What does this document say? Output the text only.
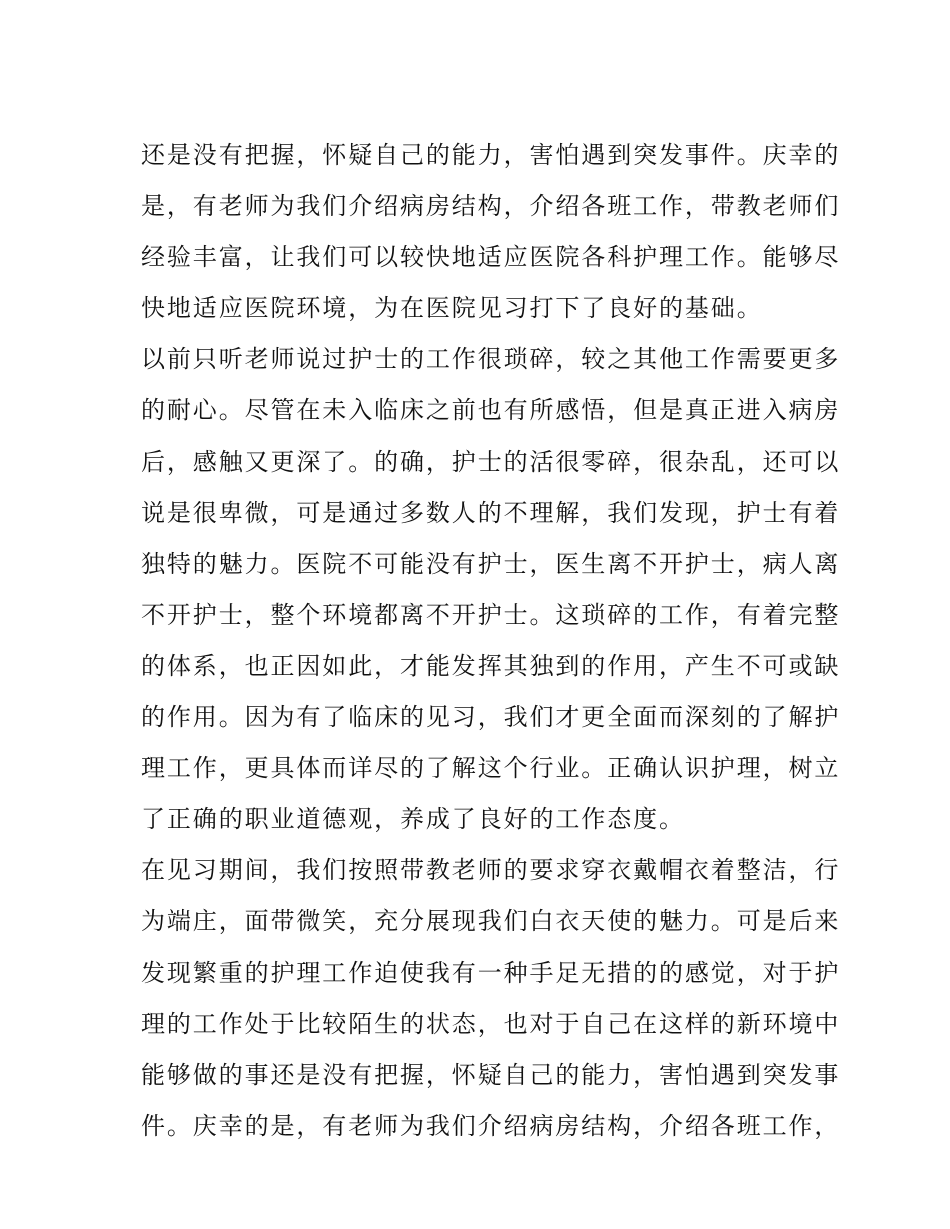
还是没有把握，怀疑自己的能力，害怕遇到突发事件。庆幸的
是，有老师为我们介绍病房结构，介绍各班工作，带教老师们
经验丰富，让我们可以较快地适应医院各科护理工作。能够尽
快地适应医院环境，为在医院见习打下了良好的基础。
以前只听老师说过护士的工作很琐碎，较之其他工作需要更多
的耐心。尽管在未入临床之前也有所感悟，但是真正进入病房
后，感触又更深了。的确，护士的活很零碎，很杂乱，还可以
说是很卑微，可是通过多数人的不理解，我们发现，护士有着
独特的魅力。医院不可能没有护士，医生离不开护士，病人离
不开护士，整个环境都离不开护士。这琐碎的工作，有着完整
的体系，也正因如此，才能发挥其独到的作用，产生不可或缺
的作用。因为有了临床的见习，我们才更全面而深刻的了解护
理工作，更具体而详尽的了解这个行业。正确认识护理，树立
了正确的职业道德观，养成了良好的工作态度。
在见习期间，我们按照带教老师的要求穿衣戴帽衣着整洁，行
为端庄，面带微笑，充分展现我们白衣天使的魅力。可是后来
发现繁重的护理工作迫使我有一种手足无措的的感觉，对于护
理的工作处于比较陌生的状态，也对于自己在这样的新环境中
能够做的事还是没有把握，怀疑自己的能力，害怕遇到突发事
件。庆幸的是，有老师为我们介绍病房结构，介绍各班工作，
